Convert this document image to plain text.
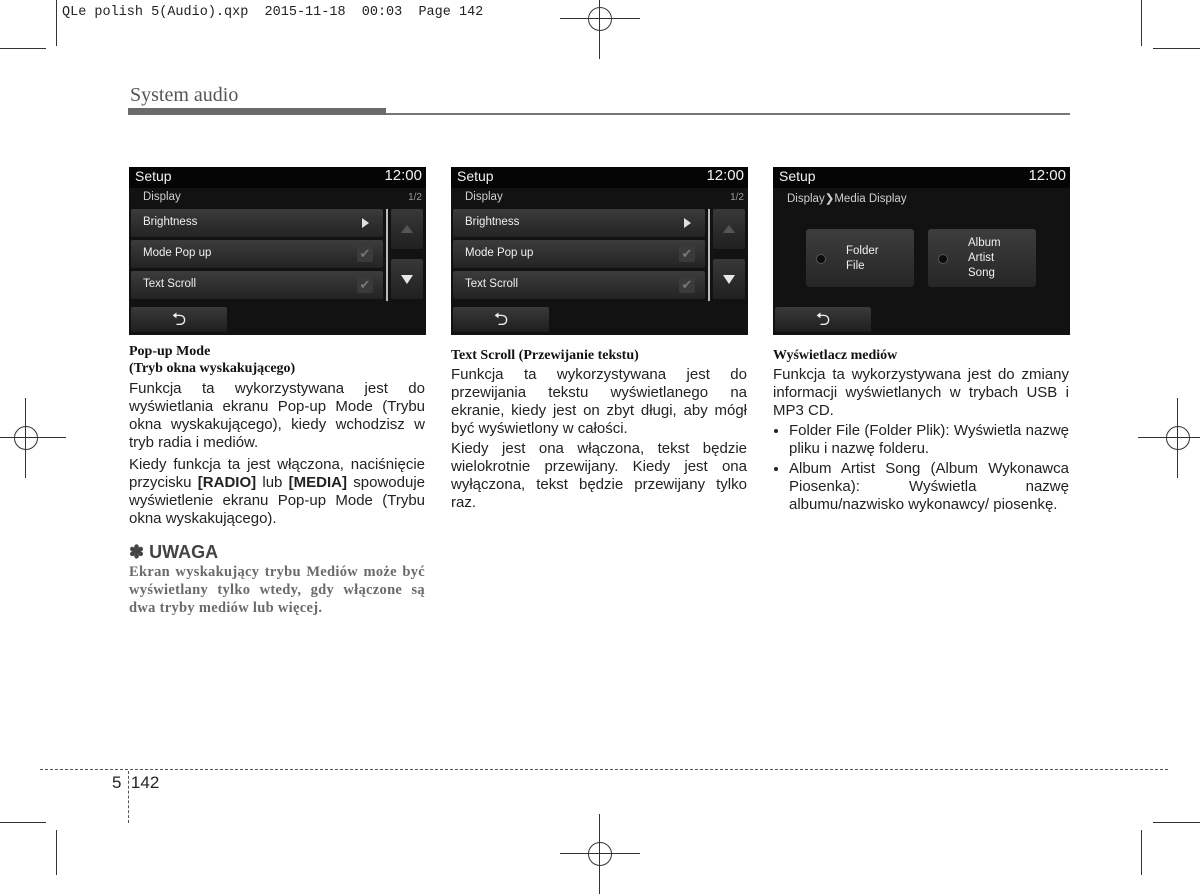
QLe polish 5(Audio).qxp  2015-11-18  00:03  Page 142
System audio
Setup	12:00
Display	1/2
Brightness
Mode Pop up	✔
Text Scroll	✔
⮌
Setup	12:00
Display	1/2
Brightness
Mode Pop up	✔
Text Scroll	✔
⮌
Setup	12:00
Display❯Media Display
Folder
File
Album
Artist
Song
⮌
Pop-up Mode
(Tryb okna wyskakującego)

Funkcja ta wykorzystywana jest do wyświetlania ekranu Pop-up Mode (Trybu okna wyskakującego), kiedy wchodzisz w tryb radia i mediów.

Kiedy funkcja ta jest włączona, naciśnięcie przycisku [RADIO] lub [MEDIA] spowoduje wyświetlenie ekranu Pop-up Mode (Trybu okna wyskakującego).

✽ UWAGA
Ekran wyskakujący trybu Mediów może być wyświetlany tylko wtedy, gdy włączone są dwa tryby mediów lub więcej.
Text Scroll (Przewijanie tekstu)

Funkcja ta wykorzystywana jest do przewijania tekstu wyświetlanego na ekranie, kiedy jest on zbyt długi, aby mógł być wyświetlony w całości.

Kiedy jest ona włączona, tekst będzie wielokrotnie przewijany. Kiedy jest ona wyłączona, tekst będzie przewijany tylko raz.

Wyświetlacz mediów

Funkcja ta wykorzystywana jest do zmiany informacji wyświetlanych w trybach USB i MP3 CD.

• Folder File (Folder Plik): Wyświetla nazwę pliku i nazwę folderu.
• Album Artist Song (Album Wykonawca Piosenka): Wyświetla nazwę albumu/nazwisko wykonawcy/ piosenkę.
5 142
